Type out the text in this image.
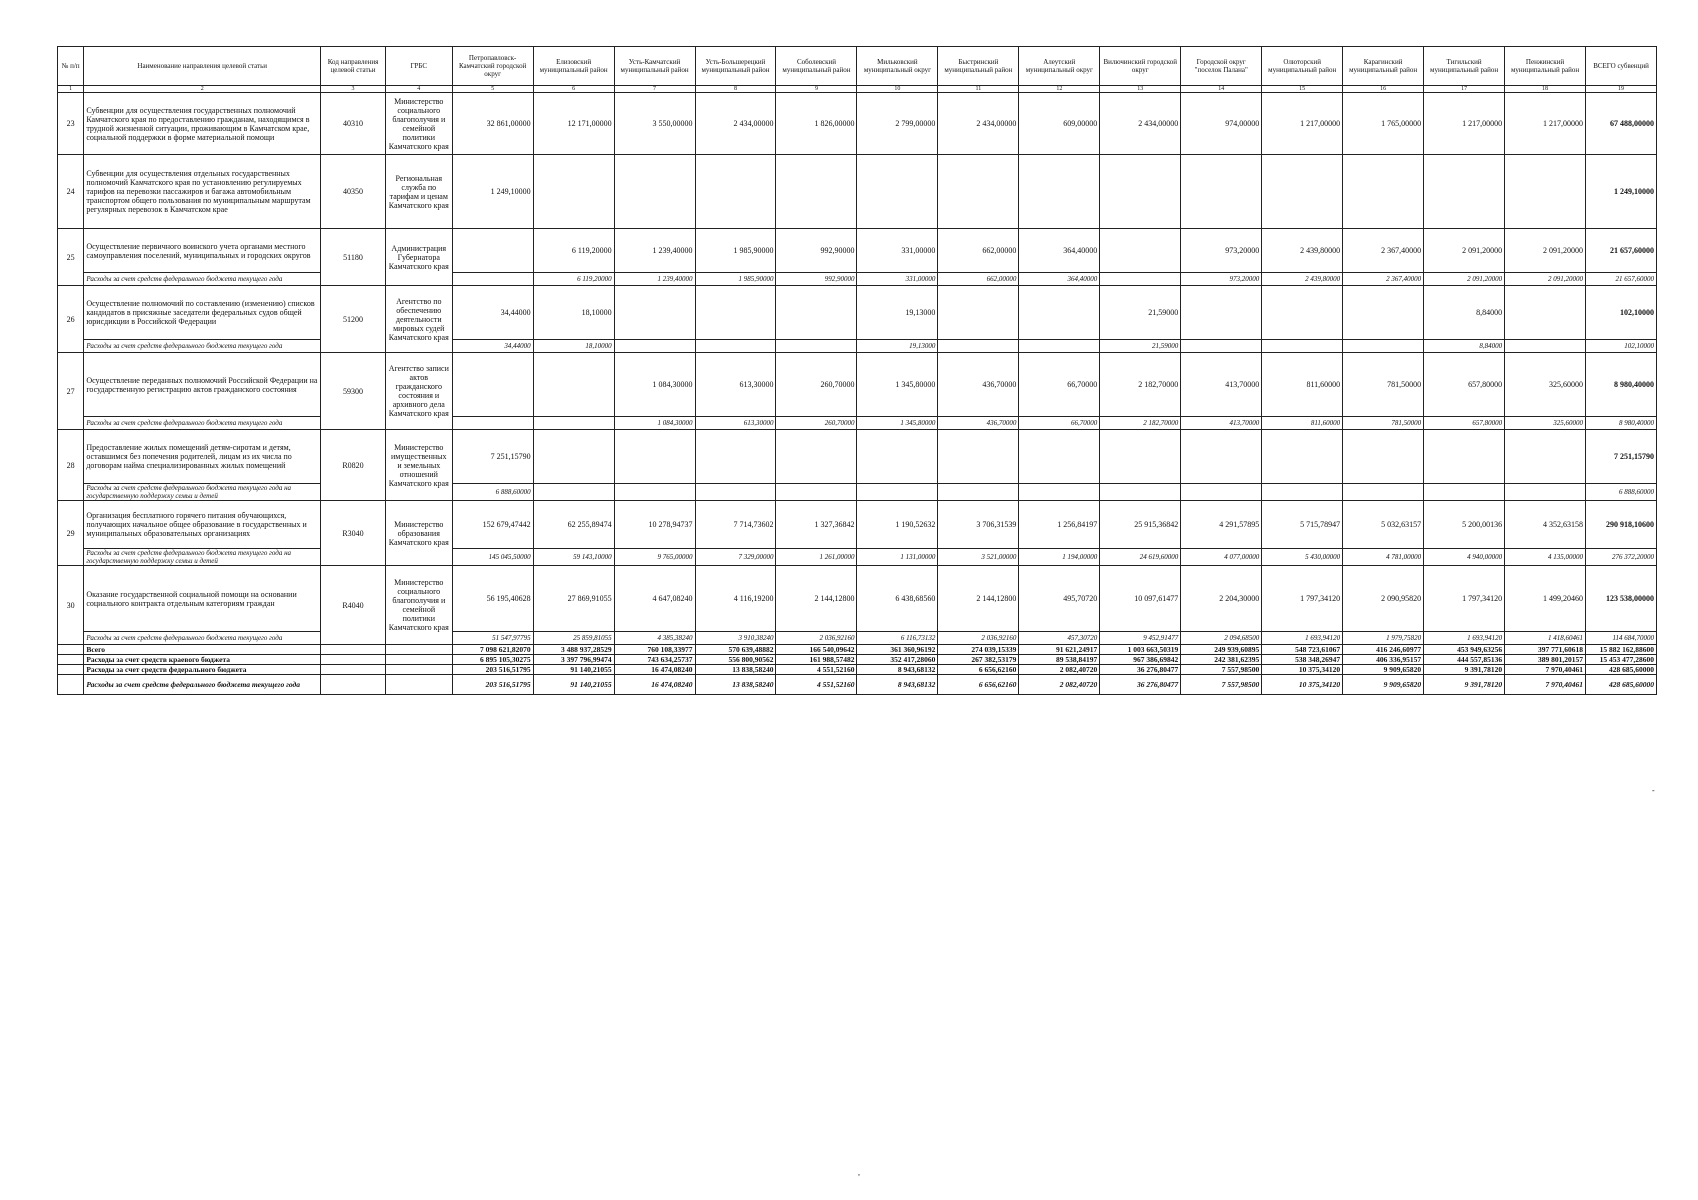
№ п/п	Наименование направления целевой статьи	Код направления целевой статьи	ГРБС	Петропавловск-Камчатский городской округ	Елизовский муниципальный район	Усть-Камчатский муниципальный район	Усть-Большерецкий муниципальный район	Соболевский муниципальный район	Мильковский муниципальный округ	Быстринский муниципальный район	Алеутский муниципальный округ	Вилючинский городской округ	Городской округ "поселок Палана"	Олюторский муниципальный район	Карагинский муниципальный район	Тигильский муниципальный район	Пенжинский муниципальный район	ВСЕГО субвенций
1	2	3	4	5	6	7	8	9	10	11	12	13	14	15	16	17	18	19
23	Субвенции для осуществления государственных полномочий Камчатского края по предоставлению гражданам, находящимся в трудной жизненной ситуации, проживающим в Камчатском крае, социальной поддержки в форме материальной помощи	40310	Министерство социального благополучия и семейной политики Камчатского края	32 861,00000	12 171,00000	3 550,00000	2 434,00000	1 826,00000	2 799,00000	2 434,00000	609,00000	2 434,00000	974,00000	1 217,00000	1 765,00000	1 217,00000	1 217,00000	67 488,00000
24	Субвенции для осуществления отдельных государственных полномочий Камчатского края по установлению регулируемых тарифов на перевозки пассажиров и багажа автомобильным транспортом общего пользования по муниципальным маршрутам регулярных перевозок в Камчатском крае	40350	Региональная служба по тарифам и ценам Камчатского края	1 249,10000														1 249,10000
25	Осуществление первичного воинского учета органами местного самоуправления поселений, муниципальных и городских округов	51180	Администрация Губернатора Камчатского края		6 119,20000	1 239,40000	1 985,90000	992,90000	331,00000	662,00000	364,40000		973,20000	2 439,80000	2 367,40000	2 091,20000	2 091,20000	21 657,60000
	Расходы за счет средств федерального бюджета текущего года				6 119,20000	1 239,40000	1 985,90000	992,90000	331,00000	662,00000	364,40000		973,20000	2 439,80000	2 367,40000	2 091,20000	2 091,20000	21 657,60000
26	Осуществление полномочий по составлению (изменению) списков кандидатов в присяжные заседатели федеральных судов общей юрисдикции в Российской Федерации	51200	Агентство по обеспечению деятельности мировых судей Камчатского края	34,44000	18,10000				19,13000			21,59000				8,84000		102,10000
	Расходы за счет средств федерального бюджета текущего года			34,44000	18,10000				19,13000			21,59000				8,84000		102,10000
27	Осуществление переданных полномочий Российской Федерации на государственную регистрацию актов гражданского состояния	59300	Агентство записи актов гражданского состояния и архивного дела Камчатского края			1 084,30000	613,30000	260,70000	1 345,80000	436,70000	66,70000	2 182,70000	413,70000	811,60000	781,50000	657,80000	325,60000	8 980,40000
	Расходы за счет средств федерального бюджета текущего года					1 084,30000	613,30000	260,70000	1 345,80000	436,70000	66,70000	2 182,70000	413,70000	811,60000	781,50000	657,80000	325,60000	8 980,40000
28	Предоставление жилых помещений детям-сиротам и детям, оставшимся без попечения родителей, лицам из их числа по договорам найма специализированных жилых помещений	R0820	Министерство имущественных и земельных отношений Камчатского края	7 251,15790														7 251,15790
	Расходы за счет средств федерального бюджета текущего года на государственную поддержку семьи и детей			6 888,60000														6 888,60000
29	Организация бесплатного горячего питания обучающихся, получающих начальное общее образование в государственных и муниципальных образовательных организациях	R3040	Министерство образования Камчатского края	152 679,47442	62 255,89474	10 278,94737	7 714,73602	1 327,36842	1 190,52632	3 706,31539	1 256,84197	25 915,36842	4 291,57895	5 715,78947	5 032,63157	5 200,00136	4 352,63158	290 918,10600
	Расходы за счет средств федерального бюджета текущего года на государственную поддержку семьи и детей			145 045,50000	59 143,10000	9 765,00000	7 329,00000	1 261,00000	1 131,00000	3 521,00000	1 194,00000	24 619,60000	4 077,00000	5 430,00000	4 781,00000	4 940,00000	4 135,00000	276 372,20000
30	Оказание государственной социальной помощи на основании социального контракта отдельным категориям граждан	R4040	Министерство социального благополучия и семейной политики Камчатского края	56 195,40628	27 869,91055	4 647,08240	4 116,19200	2 144,12800	6 438,68560	2 144,12800	495,70720	10 097,61477	2 204,30000	1 797,34120	2 090,95820	1 797,34120	1 499,20460	123 538,00000
	Расходы за счет средств федерального бюджета текущего года			51 547,97795	25 859,81055	4 385,38240	3 910,38240	2 036,92160	6 116,73132	2 036,92160	457,30720	9 452,91477	2 094,68500	1 693,94120	1 979,75820	1 693,94120	1 418,60461	114 684,70000
	Всего			7 098 621,82070	3 488 937,28529	760 108,33977	570 639,48882	166 540,09642	361 360,96192	274 039,15339	91 621,24917	1 003 663,50319	249 939,60895	548 723,61067	416 246,60977	453 949,63256	397 771,60618	15 882 162,88600
	Расходы за счет средств краевого бюджета			6 895 105,30275	3 397 796,99474	743 634,25737	556 800,90562	161 988,57482	352 417,28060	267 382,53179	89 538,84197	967 386,69842	242 381,62395	538 348,26947	406 336,95157	444 557,85136	389 801,20157	15 453 477,28600
	Расходы за счет средств федерального бюджета			203 516,51795	91 140,21055	16 474,08240	13 838,58240	4 551,52160	8 943,68132	6 656,62160	2 082,40720	36 276,80477	7 557,98500	10 375,34120	9 909,65820	9 391,78120	7 970,40461	428 685,60000
	Расходы за счет средств федерального бюджета текущего года			203 516,51795	91 140,21055	16 474,08240	13 838,58240	4 551,52160	8 943,68132	6 656,62160	2 082,40720	36 276,80477	7 557,98500	10 375,34120	9 909,65820	9 391,78120	7 970,40461	428 685,60000
,
-
